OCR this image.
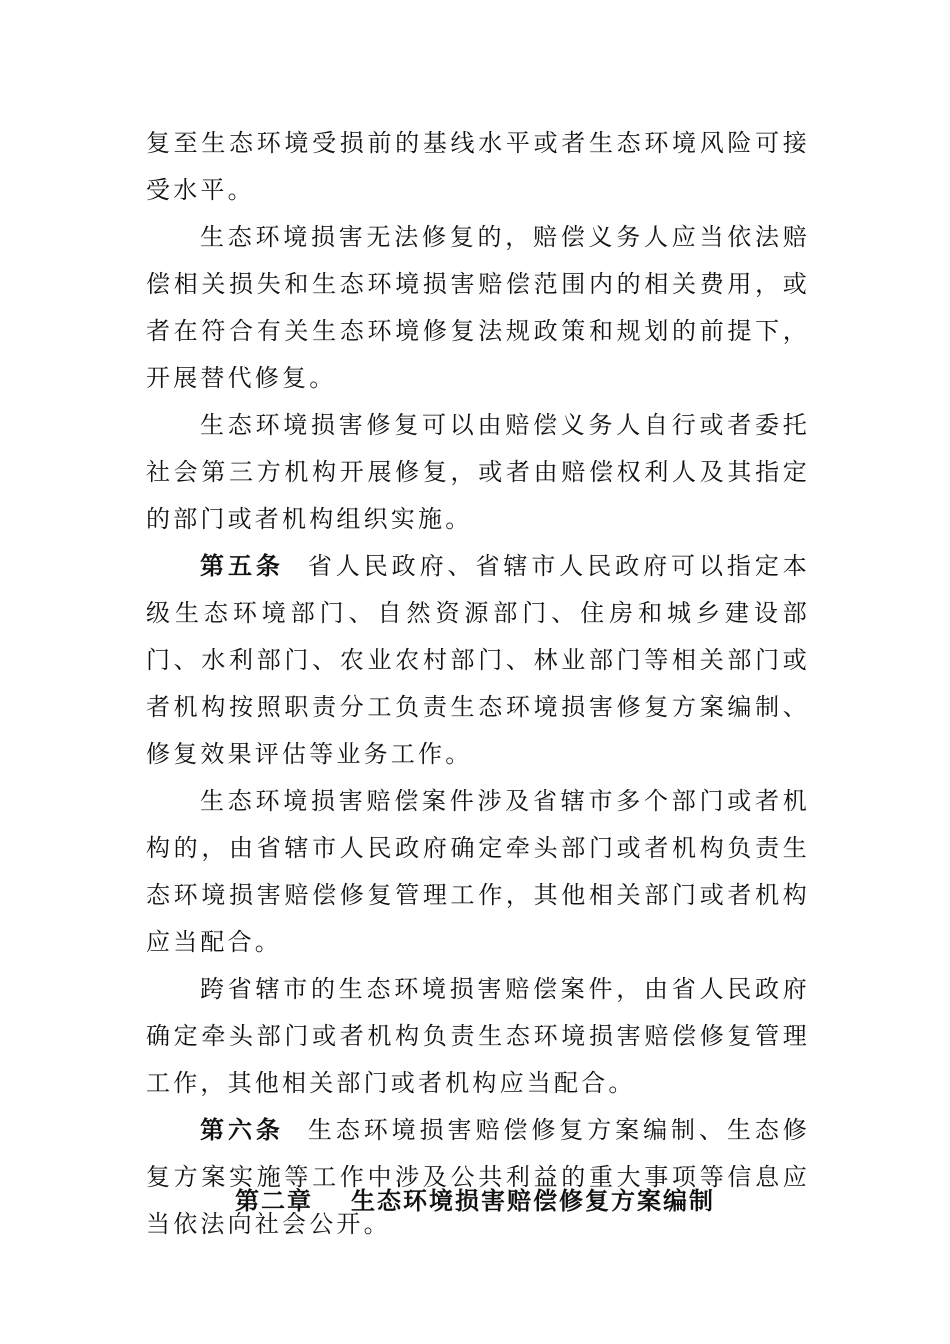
复至生态环境受损前的基线水平或者生态环境风险可接受水平。

生态环境损害无法修复的，赔偿义务人应当依法赔偿相关损失和生态环境损害赔偿范围内的相关费用，或者在符合有关生态环境修复法规政策和规划的前提下，开展替代修复。

生态环境损害修复可以由赔偿义务人自行或者委托社会第三方机构开展修复，或者由赔偿权利人及其指定的部门或者机构组织实施。

第五条 省人民政府、省辖市人民政府可以指定本级生态环境部门、自然资源部门、住房和城乡建设部门、水利部门、农业农村部门、林业部门等相关部门或者机构按照职责分工负责生态环境损害修复方案编制、修复效果评估等业务工作。

生态环境损害赔偿案件涉及省辖市多个部门或者机构的，由省辖市人民政府确定牵头部门或者机构负责生态环境损害赔偿修复管理工作，其他相关部门或者机构应当配合。

跨省辖市的生态环境损害赔偿案件，由省人民政府确定牵头部门或者机构负责生态环境损害赔偿修复管理工作，其他相关部门或者机构应当配合。

第六条 生态环境损害赔偿修复方案编制、生态修复方案实施等工作中涉及公共利益的重大事项等信息应当依法向社会公开。

第二章 生态环境损害赔偿修复方案编制
